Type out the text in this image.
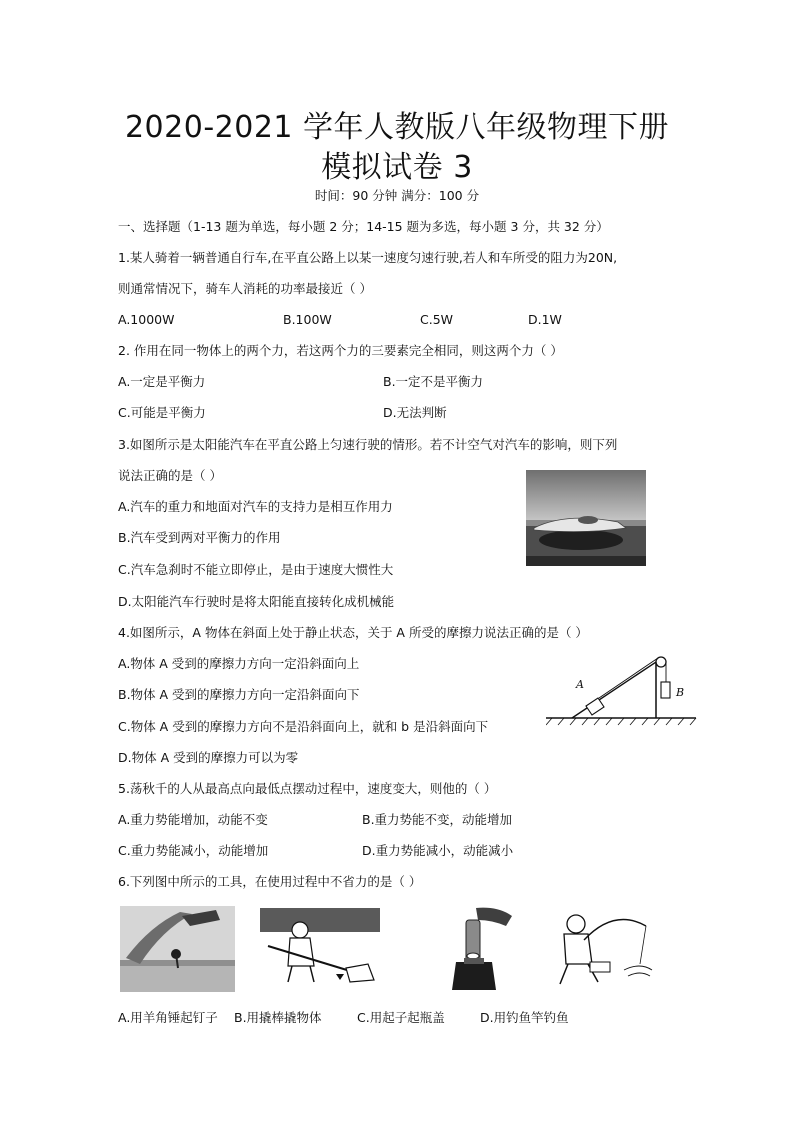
2020-2021 学年人教版八年级物理下册
模拟试卷 3
时间：90 分钟 满分：100 分
一、选择题（1-13 题为单选，每小题 2 分；14-15 题为多选，每小题 3 分，共 32 分）
1.某人骑着一辆普通自行车,在平直公路上以某一速度匀速行驶,若人和车所受的阻力为20N,
则通常情况下，骑车人消耗的功率最接近（ ）
A.1000W	B.100W	C.5W	D.1W
2. 作用在同一物体上的两个力，若这两个力的三要素完全相同，则这两个力（ ）
A.一定是平衡力	B.一定不是平衡力
C.可能是平衡力	D.无法判断
3.如图所示是太阳能汽车在平直公路上匀速行驶的情形。若不计空气对汽车的影响，则下列
说法正确的是（ ）
A.汽车的重力和地面对汽车的支持力是相互作用力
B.汽车受到两对平衡力的作用
C.汽车急刹时不能立即停止，是由于速度大惯性大
D.太阳能汽车行驶时是将太阳能直接转化成机械能
4.如图所示，A 物体在斜面上处于静止状态，关于 A 所受的摩擦力说法正确的是（ ）
A.物体 A 受到的摩擦力方向一定沿斜面向上
B.物体 A 受到的摩擦力方向一定沿斜面向下
C.物体 A 受到的摩擦力方向不是沿斜面向上，就和 b 是沿斜面向下
D.物体 A 受到的摩擦力可以为零
A
B
5.荡秋千的人从最高点向最低点摆动过程中，速度变大，则他的（ ）
A.重力势能增加，动能不变	B.重力势能不变，动能增加
C.重力势能减小，动能增加	D.重力势能减小，动能减小
6.下列图中所示的工具，在使用过程中不省力的是（ ）
A.用羊角锤起钉子 B.用撬棒撬物体	C.用起子起瓶盖	D.用钓鱼竿钓鱼
